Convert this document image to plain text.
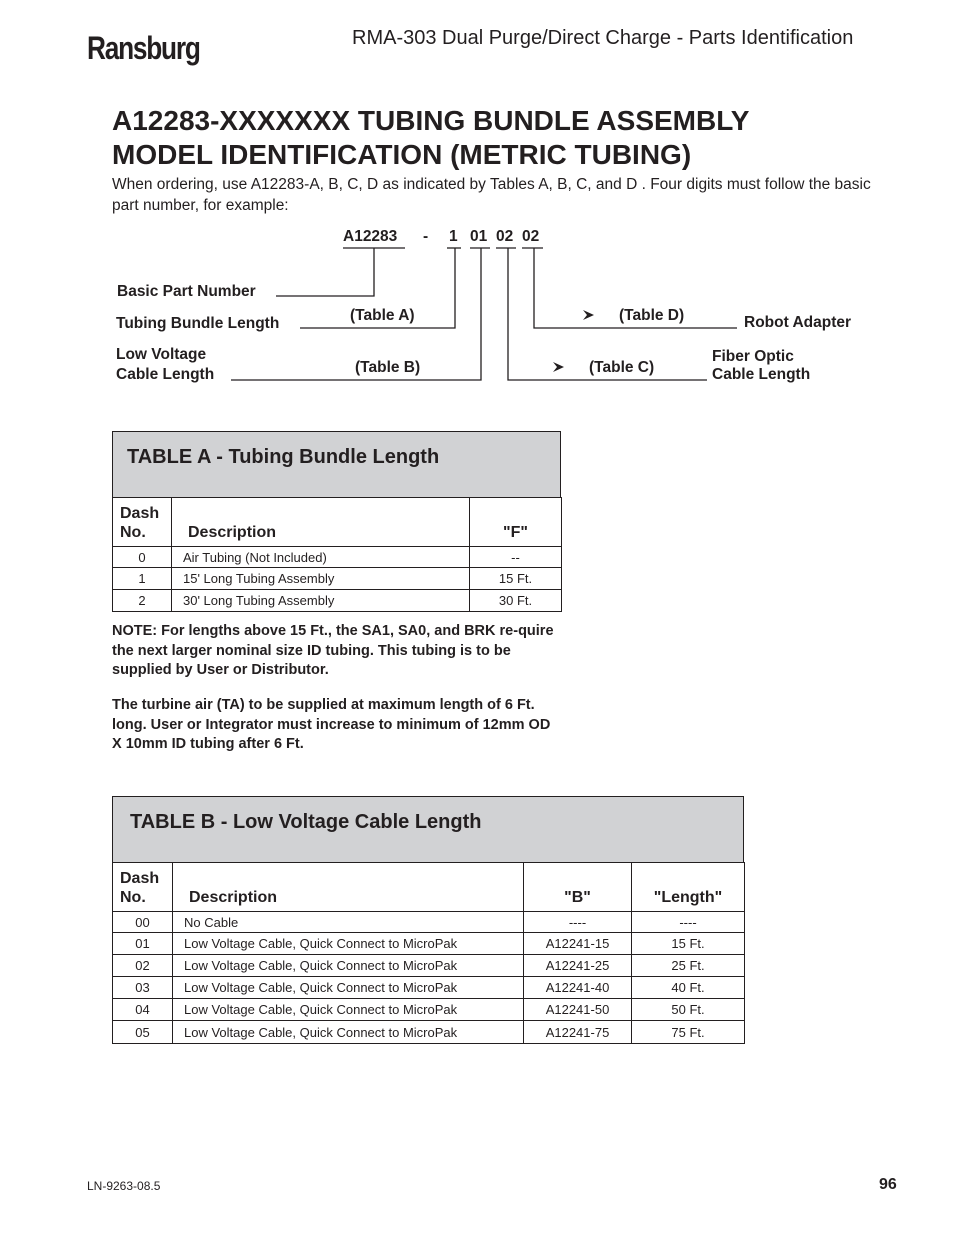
Ransburg	RMA-303 Dual Purge/Direct Charge - Parts Identification
A12283-XXXXXXX TUBING BUNDLE ASSEMBLY
MODEL IDENTIFICATION (METRIC TUBING)
When ordering, use A12283-A, B, C, D as indicated by Tables A, B, C, and D . Four digits must follow the basic part number, for example:
A12283 - 1 01 02 02
Basic Part Number
Tubing Bundle Length	(Table A)
Low Voltage
Cable Length	(Table B)
(Table D)	Robot Adapter
(Table C)
Fiber Optic
Cable Length
TABLE A - Tubing Bundle Length
Dash
No.	Description	"F"
0	Air Tubing (Not Included)	--
1	15' Long Tubing Assembly	15 Ft.
2	30' Long Tubing Assembly	30 Ft.
NOTE: For lengths above 15 Ft., the SA1, SA0, and BRK re-quire the next larger nominal size ID tubing. This tubing is to be supplied by User or Distributor.
The turbine air (TA) to be supplied at maximum length of 6 Ft. long. User or Integrator must increase to minimum of 12mm OD X 10mm ID tubing after 6 Ft.
TABLE B - Low Voltage Cable Length
Dash
No.	Description	"B"	"Length"
00	No Cable	----	----
01	Low Voltage Cable, Quick Connect to MicroPak	A12241-15	15 Ft.
02	Low Voltage Cable, Quick Connect to MicroPak	A12241-25	25 Ft.
03	Low Voltage Cable, Quick Connect to MicroPak	A12241-40	40 Ft.
04	Low Voltage Cable, Quick Connect to MicroPak	A12241-50	50 Ft.
05	Low Voltage Cable, Quick Connect to MicroPak	A12241-75	75 Ft.
LN-9263-08.5	96
